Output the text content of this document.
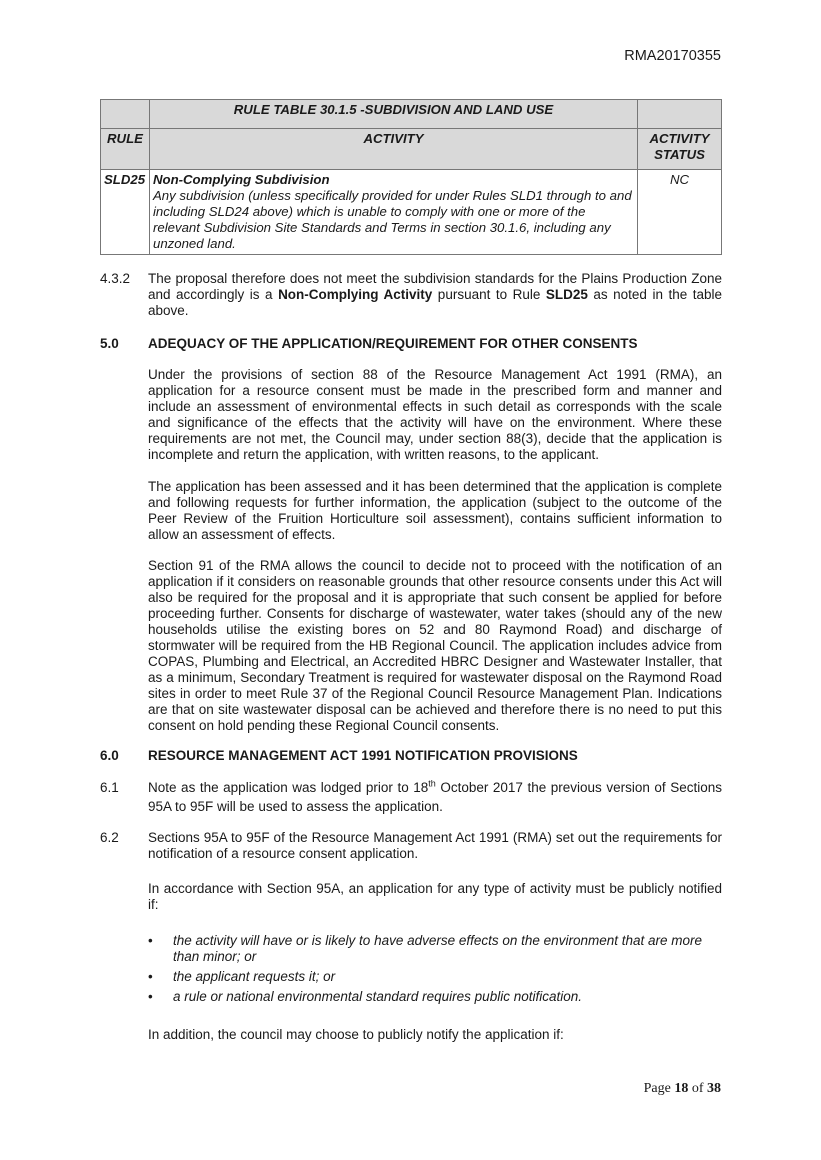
RMA20170355
	RULE TABLE 30.1.5 -SUBDIVISION AND LAND USE	
RULE	ACTIVITY	ACTIVITY
STATUS
SLD25	Non-Complying Subdivision
Any subdivision (unless specifically provided for under Rules SLD1 through to and including SLD24 above) which is unable to comply with one or more of the relevant Subdivision Site Standards and Terms in section 30.1.6, including any unzoned land.	NC
4.3.2 The proposal therefore does not meet the subdivision standards for the Plains Production Zone and accordingly is a Non-Complying Activity pursuant to Rule SLD25 as noted in the table above.
5.0 ADEQUACY OF THE APPLICATION/REQUIREMENT FOR OTHER CONSENTS
Under the provisions of section 88 of the Resource Management Act 1991 (RMA), an application for a resource consent must be made in the prescribed form and manner and include an assessment of environmental effects in such detail as corresponds with the scale and significance of the effects that the activity will have on the environment. Where these requirements are not met, the Council may, under section 88(3), decide that the application is incomplete and return the application, with written reasons, to the applicant.
The application has been assessed and it has been determined that the application is complete and following requests for further information, the application (subject to the outcome of the Peer Review of the Fruition Horticulture soil assessment), contains sufficient information to allow an assessment of effects.
Section 91 of the RMA allows the council to decide not to proceed with the notification of an application if it considers on reasonable grounds that other resource consents under this Act will also be required for the proposal and it is appropriate that such consent be applied for before proceeding further. Consents for discharge of wastewater, water takes (should any of the new households utilise the existing bores on 52 and 80 Raymond Road) and discharge of stormwater will be required from the HB Regional Council. The application includes advice from COPAS, Plumbing and Electrical, an Accredited HBRC Designer and Wastewater Installer, that as a minimum, Secondary Treatment is required for wastewater disposal on the Raymond Road sites in order to meet Rule 37 of the Regional Council Resource Management Plan. Indications are that on site wastewater disposal can be achieved and therefore there is no need to put this consent on hold pending these Regional Council consents.
6.0 RESOURCE MANAGEMENT ACT 1991 NOTIFICATION PROVISIONS
6.1 Note as the application was lodged prior to 18th October 2017 the previous version of Sections 95A to 95F will be used to assess the application.
6.2 Sections 95A to 95F of the Resource Management Act 1991 (RMA) set out the requirements for notification of a resource consent application.
In accordance with Section 95A, an application for any type of activity must be publicly notified if:
• the activity will have or is likely to have adverse effects on the environment that are more than minor; or
• the applicant requests it; or
• a rule or national environmental standard requires public notification.
In addition, the council may choose to publicly notify the application if:
Page 18 of 38
